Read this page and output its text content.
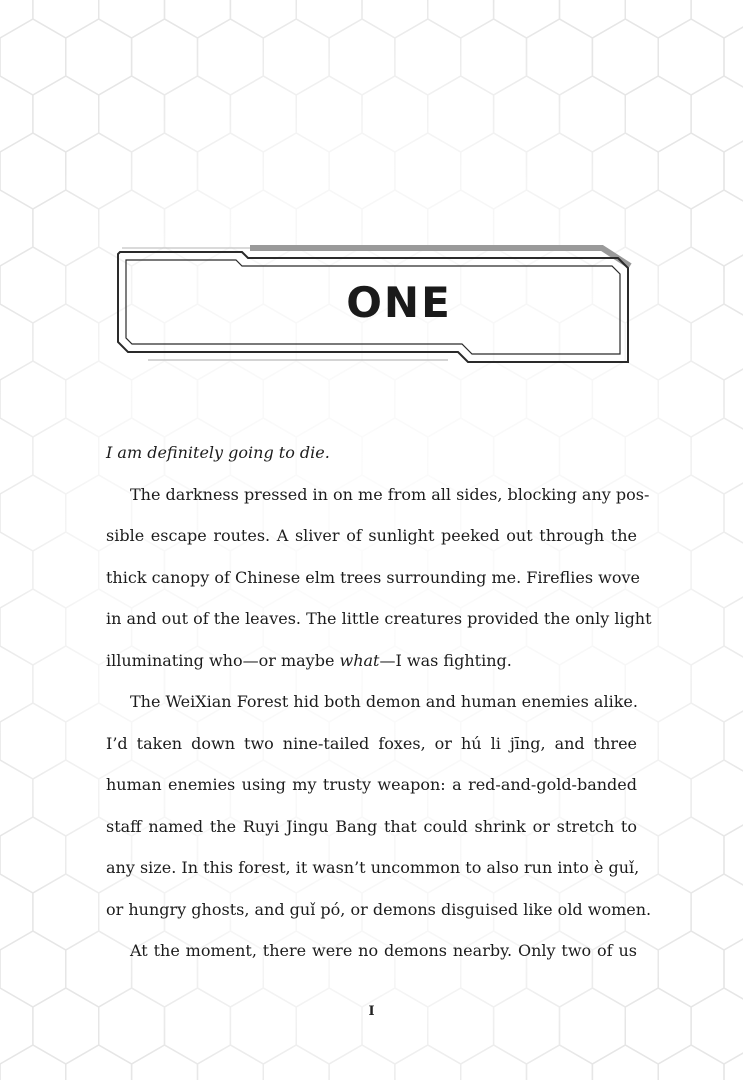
ONE
I am definitely going to die.
The darkness pressed in on me from all sides, blocking any pos-
sible escape routes. A sliver of sunlight peeked out through the
thick canopy of Chinese elm trees surrounding me. Fireflies wove
in and out of the leaves. The little creatures provided the only light
illuminating who—or maybe what—I was fighting.
The WeiXian Forest hid both demon and human enemies alike.
I’d taken down two nine-tailed foxes, or hú li jīng, and three
human enemies using my trusty weapon: a red-and-gold-banded
staff named the Ruyi Jingu Bang that could shrink or stretch to
any size. In this forest, it wasn’t uncommon to also run into è guǐ,
or hungry ghosts, and guǐ pó, or demons disguised like old women.
At the moment, there were no demons nearby. Only two of us
I
